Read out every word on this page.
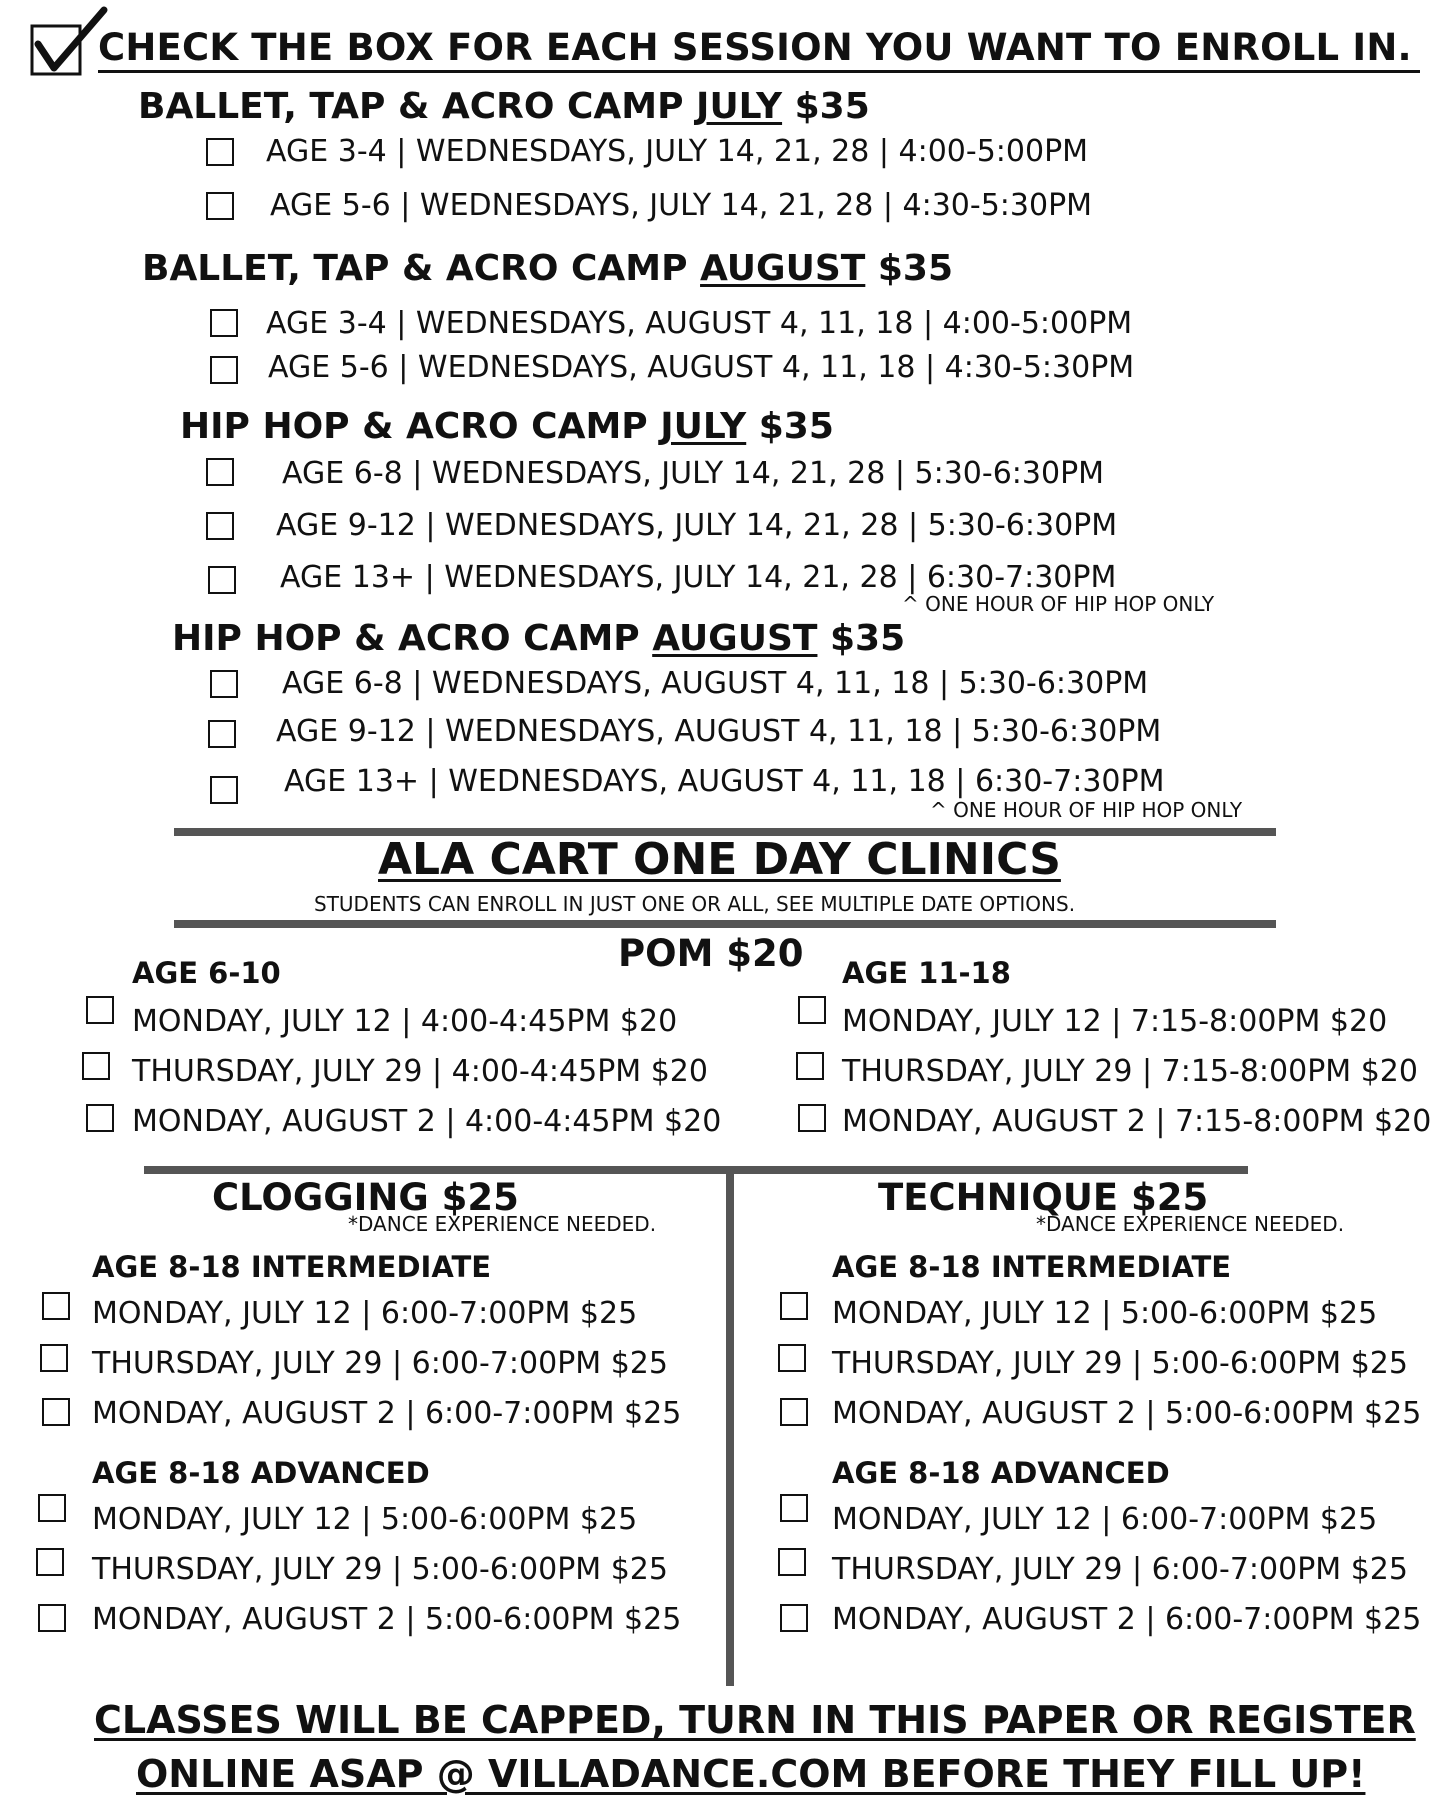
CHECK THE BOX FOR EACH SESSION YOU WANT TO ENROLL IN.
BALLET, TAP & ACRO CAMP JULY $35
AGE 3-4 | WEDNESDAYS, JULY 14, 21, 28 | 4:00-5:00PM
AGE 5-6 | WEDNESDAYS, JULY 14, 21, 28 | 4:30-5:30PM
BALLET, TAP & ACRO CAMP AUGUST $35
AGE 3-4 | WEDNESDAYS, AUGUST 4, 11, 18 | 4:00-5:00PM
AGE 5-6 | WEDNESDAYS, AUGUST 4, 11, 18 | 4:30-5:30PM
HIP HOP & ACRO CAMP JULY $35
AGE 6-8 | WEDNESDAYS, JULY 14, 21, 28 | 5:30-6:30PM
AGE 9-12 | WEDNESDAYS, JULY 14, 21, 28 | 5:30-6:30PM
AGE 13+ | WEDNESDAYS, JULY 14, 21, 28 | 6:30-7:30PM
^ ONE HOUR OF HIP HOP ONLY
HIP HOP & ACRO CAMP AUGUST $35
AGE 6-8 | WEDNESDAYS, AUGUST 4, 11, 18 | 5:30-6:30PM
AGE 9-12 | WEDNESDAYS, AUGUST 4, 11, 18 | 5:30-6:30PM
AGE 13+ | WEDNESDAYS, AUGUST 4, 11, 18 | 6:30-7:30PM
^ ONE HOUR OF HIP HOP ONLY
ALA CART ONE DAY CLINICS
STUDENTS CAN ENROLL IN JUST ONE OR ALL, SEE MULTIPLE DATE OPTIONS.
POM $20
AGE 6-10	AGE 11-18
MONDAY, JULY 12 | 4:00-4:45PM $20
THURSDAY, JULY 29 | 4:00-4:45PM $20
MONDAY, AUGUST 2 | 4:00-4:45PM $20
MONDAY, JULY 12 | 7:15-8:00PM $20
THURSDAY, JULY 29 | 7:15-8:00PM $20
MONDAY, AUGUST 2 | 7:15-8:00PM $20
CLOGGING $25
*DANCE EXPERIENCE NEEDED.
AGE 8-18 INTERMEDIATE
MONDAY, JULY 12 | 6:00-7:00PM $25
THURSDAY, JULY 29 | 6:00-7:00PM $25
MONDAY, AUGUST 2 | 6:00-7:00PM $25
AGE 8-18 ADVANCED
MONDAY, JULY 12 | 5:00-6:00PM $25
THURSDAY, JULY 29 | 5:00-6:00PM $25
MONDAY, AUGUST 2 | 5:00-6:00PM $25
TECHNIQUE $25
*DANCE EXPERIENCE NEEDED.
AGE 8-18 INTERMEDIATE
MONDAY, JULY 12 | 5:00-6:00PM $25
THURSDAY, JULY 29 | 5:00-6:00PM $25
MONDAY, AUGUST 2 | 5:00-6:00PM $25
AGE 8-18 ADVANCED
MONDAY, JULY 12 | 6:00-7:00PM $25
THURSDAY, JULY 29 | 6:00-7:00PM $25
MONDAY, AUGUST 2 | 6:00-7:00PM $25
CLASSES WILL BE CAPPED, TURN IN THIS PAPER OR REGISTER
ONLINE ASAP @ VILLADANCE.COM BEFORE THEY FILL UP!
